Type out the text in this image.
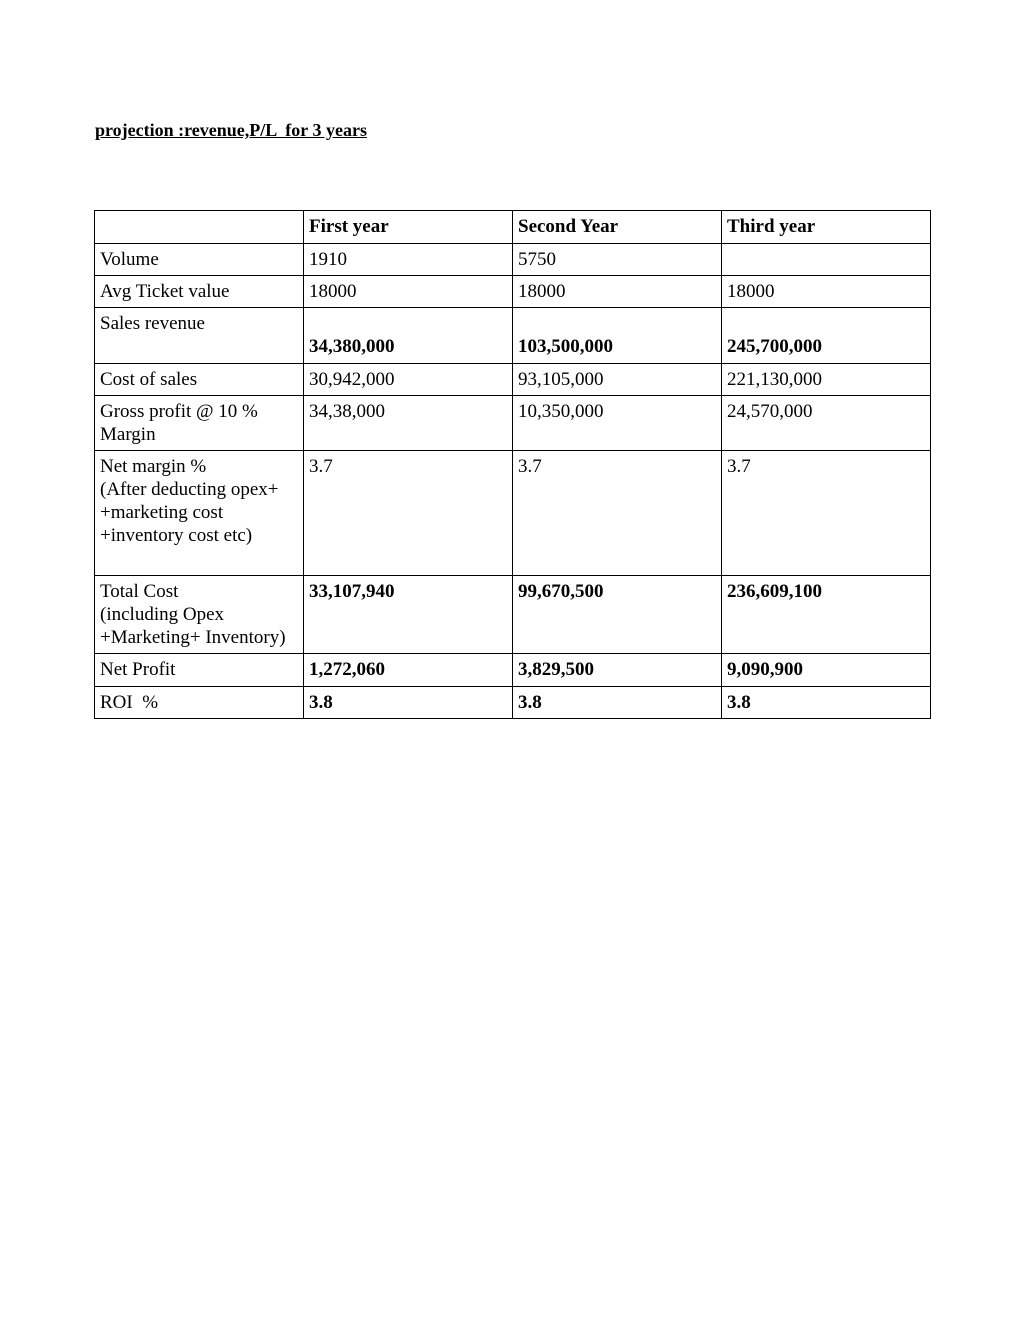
projection :revenue,P/L  for 3 years
	First year	Second Year	Third year
Volume	1910	5750	
Avg Ticket value	18000	18000	18000
Sales revenue	34,380,000	103,500,000	245,700,000
Cost of sales	30,942,000	93,105,000	221,130,000
Gross profit @ 10 %
Margin	34,38,000	10,350,000	24,570,000
Net margin %
(After deducting opex+
+marketing cost
+inventory cost etc)	3.7	3.7	3.7
Total Cost
(including Opex
+Marketing+ Inventory)	33,107,940	99,670,500	236,609,100
Net Profit	1,272,060	3,829,500	9,090,900
ROI  %	3.8	3.8	3.8
